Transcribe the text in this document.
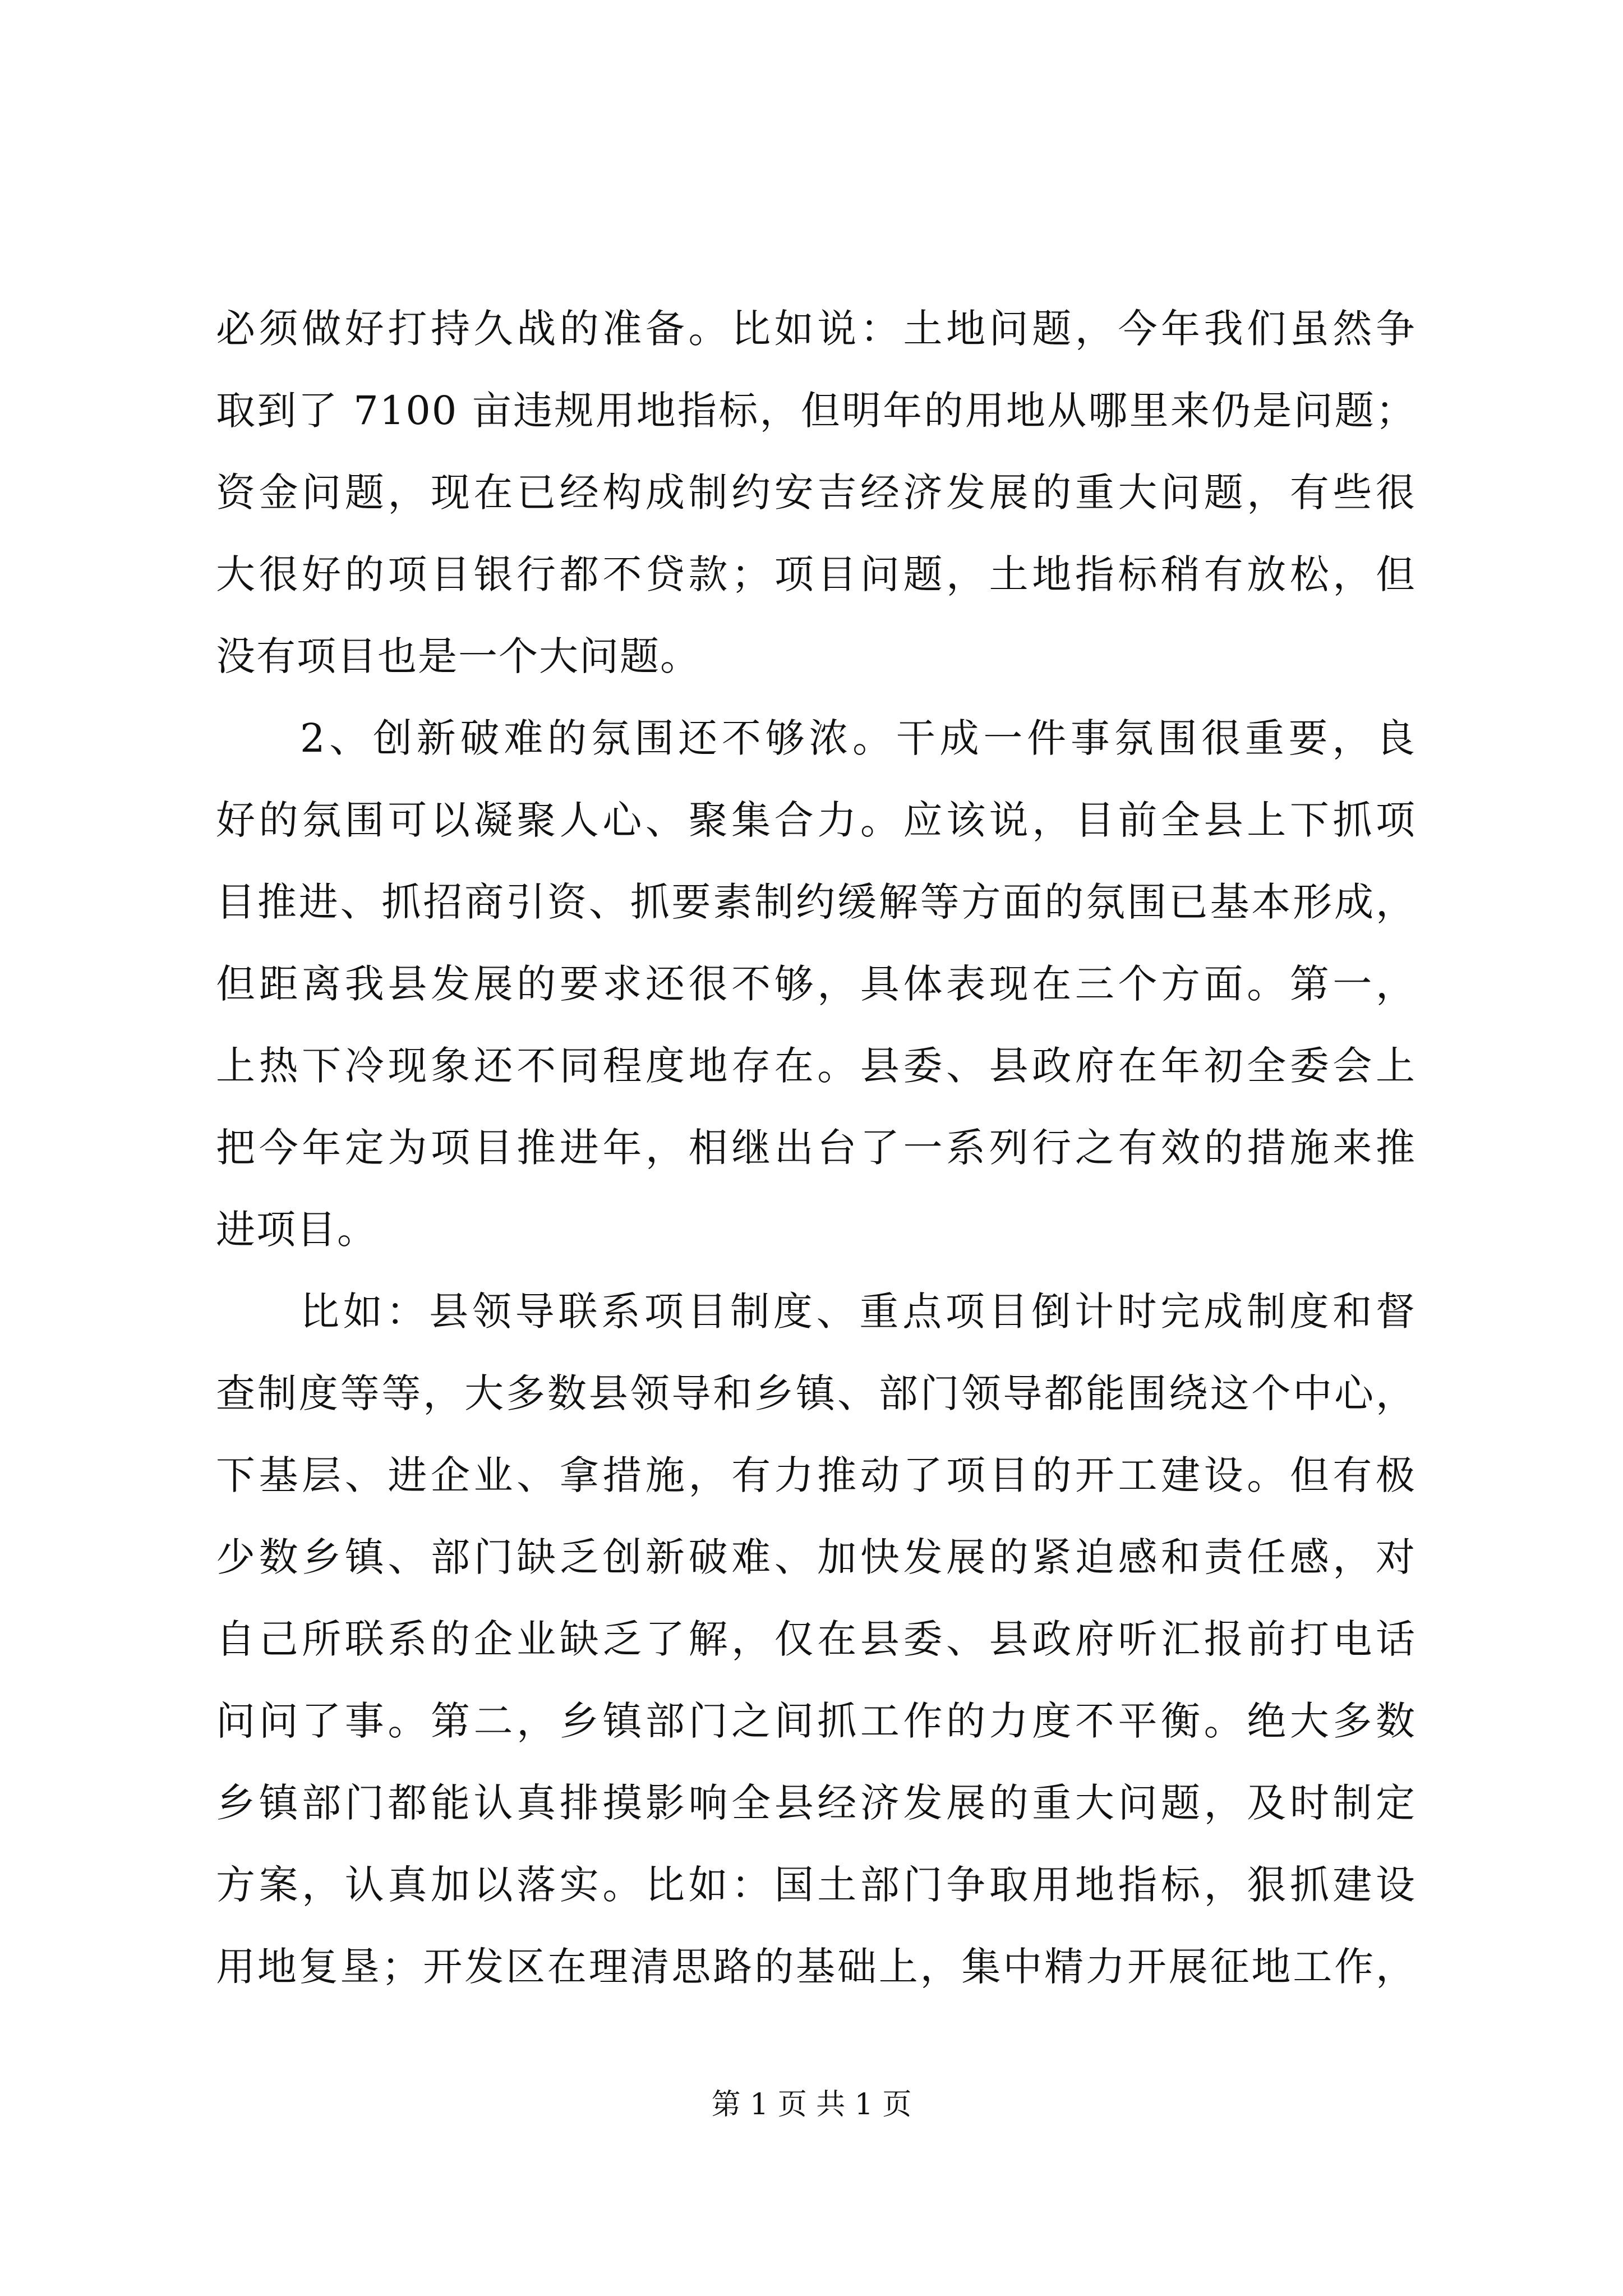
必须做好打持久战的准备。比如说：土地问题，今年我们虽然争
取到了 7100 亩违规用地指标，但明年的用地从哪里来仍是问题；
资金问题，现在已经构成制约安吉经济发展的重大问题，有些很
大很好的项目银行都不贷款；项目问题，土地指标稍有放松，但
没有项目也是一个大问题。
2、创新破难的氛围还不够浓。干成一件事氛围很重要，良
好的氛围可以凝聚人心、聚集合力。应该说，目前全县上下抓项
目推进、抓招商引资、抓要素制约缓解等方面的氛围已基本形成，
但距离我县发展的要求还很不够，具体表现在三个方面。第一，
上热下冷现象还不同程度地存在。县委、县政府在年初全委会上
把今年定为项目推进年，相继出台了一系列行之有效的措施来推
进项目。
比如：县领导联系项目制度、重点项目倒计时完成制度和督
查制度等等，大多数县领导和乡镇、部门领导都能围绕这个中心，
下基层、进企业、拿措施，有力推动了项目的开工建设。但有极
少数乡镇、部门缺乏创新破难、加快发展的紧迫感和责任感，对
自己所联系的企业缺乏了解，仅在县委、县政府听汇报前打电话
问问了事。第二，乡镇部门之间抓工作的力度不平衡。绝大多数
乡镇部门都能认真排摸影响全县经济发展的重大问题，及时制定
方案，认真加以落实。比如：国土部门争取用地指标，狠抓建设
用地复垦；开发区在理清思路的基础上，集中精力开展征地工作，
第 1 页 共 1 页
